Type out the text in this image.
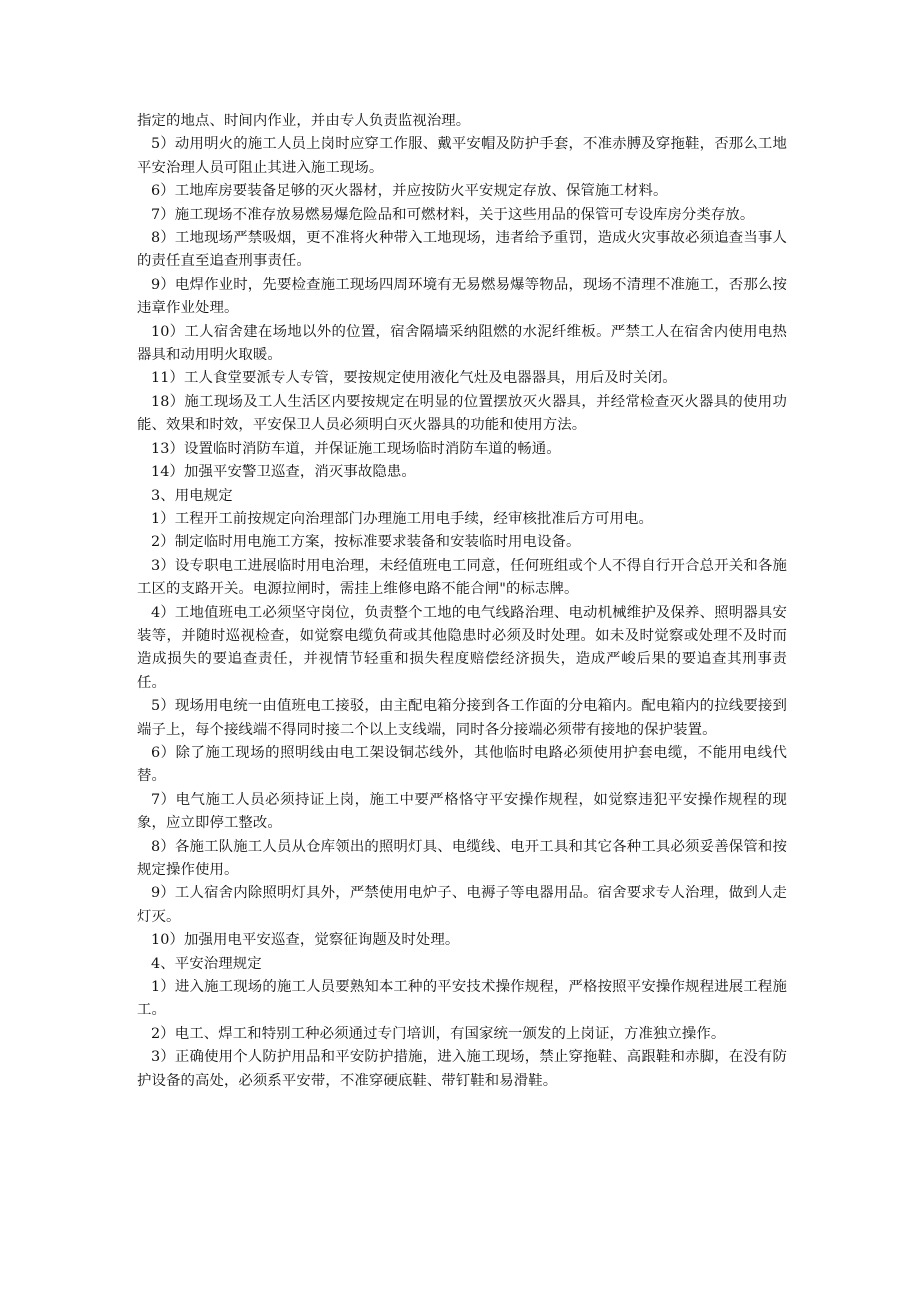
指定的地点、时间内作业，并由专人负责监视治理。

5）动用明火的施工人员上岗时应穿工作服、戴平安帽及防护手套，不准赤膊及穿拖鞋，否那么工地平安治理人员可阻止其进入施工现场。

6）工地库房要装备足够的灭火器材，并应按防火平安规定存放、保管施工材料。

7）施工现场不准存放易燃易爆危险品和可燃材料，关于这些用品的保管可专设库房分类存放。

8）工地现场严禁吸烟，更不准将火种带入工地现场，违者给予重罚，造成火灾事故必须追查当事人的责任直至追查刑事责任。

9）电焊作业时，先要检查施工现场四周环境有无易燃易爆等物品，现场不清理不准施工，否那么按违章作业处理。

10）工人宿舍建在场地以外的位置，宿舍隔墙采纳阻燃的水泥纤维板。严禁工人在宿舍内使用电热器具和动用明火取暖。

11）工人食堂要派专人专管，要按规定使用液化气灶及电器器具，用后及时关闭。

18）施工现场及工人生活区内要按规定在明显的位置摆放灭火器具，并经常检查灭火器具的使用功能、效果和时效，平安保卫人员必须明白灭火器具的功能和使用方法。

13）设置临时消防车道，并保证施工现场临时消防车道的畅通。

14）加强平安警卫巡查，消灭事故隐患。

3、用电规定

1）工程开工前按规定向治理部门办理施工用电手续，经审核批准后方可用电。

2）制定临时用电施工方案，按标准要求装备和安装临时用电设备。

3）设专职电工进展临时用电治理，未经值班电工同意，任何班组或个人不得自行开合总开关和各施工区的支路开关。电源拉闸时，需挂上维修电路不能合闸"的标志牌。

4）工地值班电工必须坚守岗位，负责整个工地的电气线路治理、电动机械维护及保养、照明器具安装等，并随时巡视检查，如觉察电缆负荷或其他隐患时必须及时处理。如未及时觉察或处理不及时而造成损失的要追查责任，并视情节轻重和损失程度赔偿经济损失，造成严峻后果的要追查其刑事责任。

5）现场用电统一由值班电工接驳，由主配电箱分接到各工作面的分电箱内。配电箱内的拉线要接到端子上，每个接线端不得同时接二个以上支线端，同时各分接端必须带有接地的保护装置。

6）除了施工现场的照明线由电工架设铜芯线外，其他临时电路必须使用护套电缆，不能用电线代替。

7）电气施工人员必须持证上岗，施工中要严格恪守平安操作规程，如觉察违犯平安操作规程的现象，应立即停工整改。

8）各施工队施工人员从仓库领出的照明灯具、电缆线、电开工具和其它各种工具必须妥善保管和按规定操作使用。

9）工人宿舍内除照明灯具外，严禁使用电炉子、电褥子等电器用品。宿舍要求专人治理，做到人走灯灭。

10）加强用电平安巡查，觉察征询题及时处理。

4、平安治理规定

1）进入施工现场的施工人员要熟知本工种的平安技术操作规程，严格按照平安操作规程进展工程施工。

2）电工、焊工和特别工种必须通过专门培训，有国家统一颁发的上岗证，方准独立操作。

3）正确使用个人防护用品和平安防护措施，进入施工现场，禁止穿拖鞋、高跟鞋和赤脚，在没有防护设备的高处，必须系平安带，不准穿硬底鞋、带钉鞋和易滑鞋。
